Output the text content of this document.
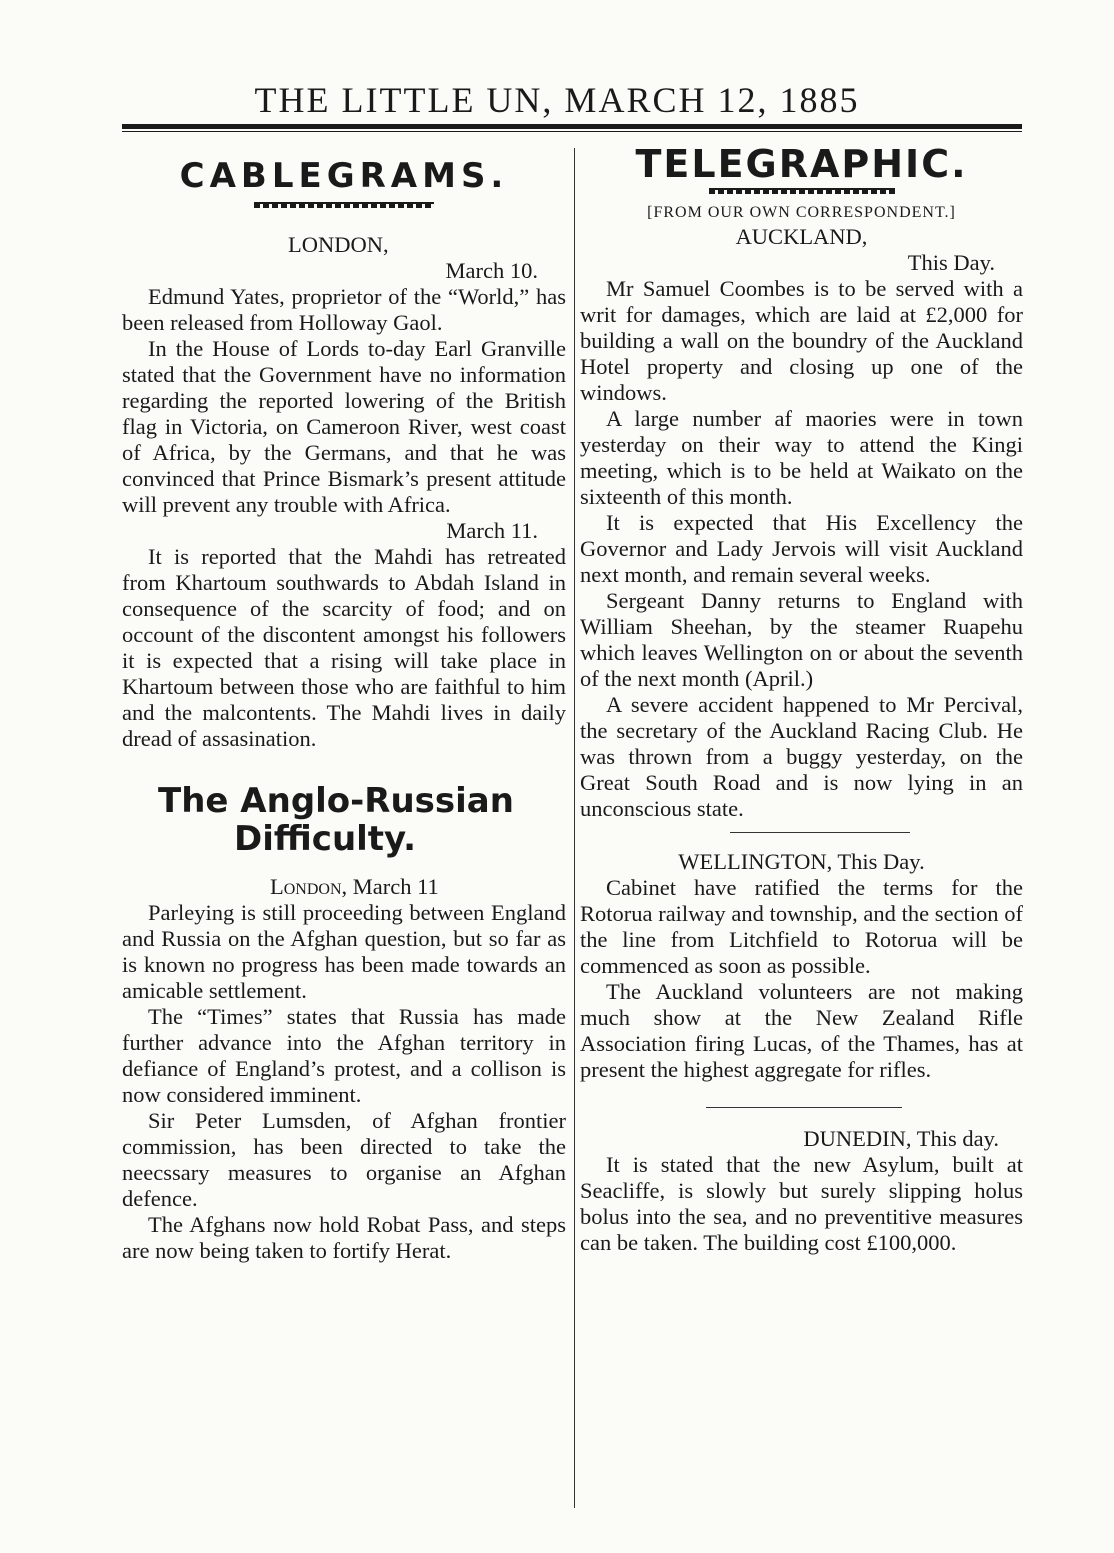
THE LITTLE UN, MARCH 12, 1885
CABLEGRAMS.
LONDON,
March 10.

Edmund Yates, proprietor of the “World,” has been released from Holloway Gaol.

In the House of Lords to-day Earl Granville stated that the Government have no information regarding the reported lowering of the British flag in Victoria, on Cameroon River, west coast of Africa, by the Germans, and that he was convinced that Prince Bismark’s present attitude will prevent any trouble with Africa.

March 11.

It is reported that the Mahdi has retreated from Khartoum southwards to Abdah Island in consequence of the scarcity of food; and on occount of the discontent amongst his followers it is expected that a rising will take place in Khartoum between those who are faithful to him and the malcontents. The Mahdi lives in daily dread of assasination.

The Anglo-Russian
Difficulty.
London, March 11

Parleying is still proceeding between England and Russia on the Afghan question, but so far as is known no progress has been made towards an amicable settlement.

The “Times” states that Russia has made further advance into the Afghan territory in defiance of England’s protest, and a collison is now considered imminent.

Sir Peter Lumsden, of Afghan frontier commission, has been directed to take the neecssary measures to organise an Afghan defence.

The Afghans now hold Robat Pass, and steps are now being taken to fortify Herat.

TELEGRAPHIC.
[FROM OUR OWN CORRESPONDENT.]
AUCKLAND,
This Day.

Mr Samuel Coombes is to be served with a writ for damages, which are laid at £2,000 for building a wall on the boundry of the Auckland Hotel property and closing up one of the windows.

A large number af maories were in town yesterday on their way to attend the Kingi meeting, which is to be held at Waikato on the sixteenth of this month.

It is expected that His Excellency the Governor and Lady Jervois will visit Auckland next month, and remain several weeks.

Sergeant Danny returns to England with William Sheehan, by the steamer Ruapehu which leaves Wellington on or about the seventh of the next month (April.)

A severe accident happened to Mr Percival, the secretary of the Auckland Racing Club. He was thrown from a buggy yesterday, on the Great South Road and is now lying in an unconscious state.

WELLINGTON, This Day.

Cabinet have ratified the terms for the Rotorua railway and township, and the section of the line from Litchfield to Rotorua will be commenced as soon as possible.

The Auckland volunteers are not making much show at the New Zealand Rifle Association firing Lucas, of the Thames, has at present the highest aggregate for rifles.

DUNEDIN, This day.

It is stated that the new Asylum, built at Seacliffe, is slowly but surely slipping holus bolus into the sea, and no preventitive measures can be taken. The building cost £100,000.
